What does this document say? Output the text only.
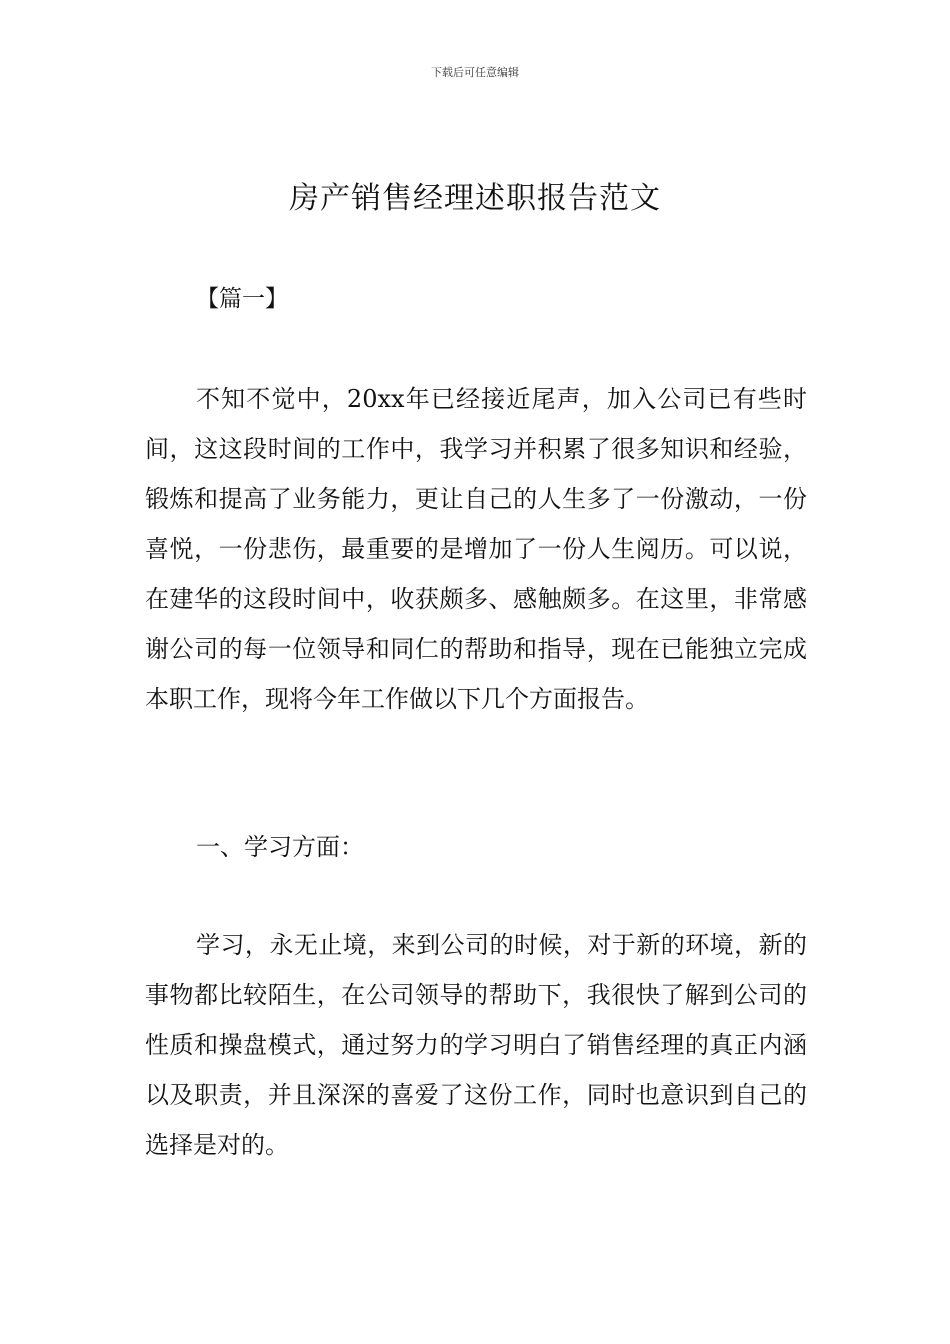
下载后可任意编辑
房产销售经理述职报告范文
【篇一】

不知不觉中，20xx年已经接近尾声，加入公司已有些时间，这这段时间的工作中，我学习并积累了很多知识和经验，锻炼和提高了业务能力，更让自己的人生多了一份激动，一份喜悦，一份悲伤，最重要的是增加了一份人生阅历。可以说，在建华的这段时间中，收获颇多、感触颇多。在这里，非常感谢公司的每一位领导和同仁的帮助和指导，现在已能独立完成本职工作，现将今年工作做以下几个方面报告。

一、学习方面：

学习，永无止境，来到公司的时候，对于新的环境，新的事物都比较陌生，在公司领导的帮助下，我很快了解到公司的性质和操盘模式，通过努力的学习明白了销售经理的真正内涵以及职责，并且深深的喜爱了这份工作，同时也意识到自己的选择是对的。
